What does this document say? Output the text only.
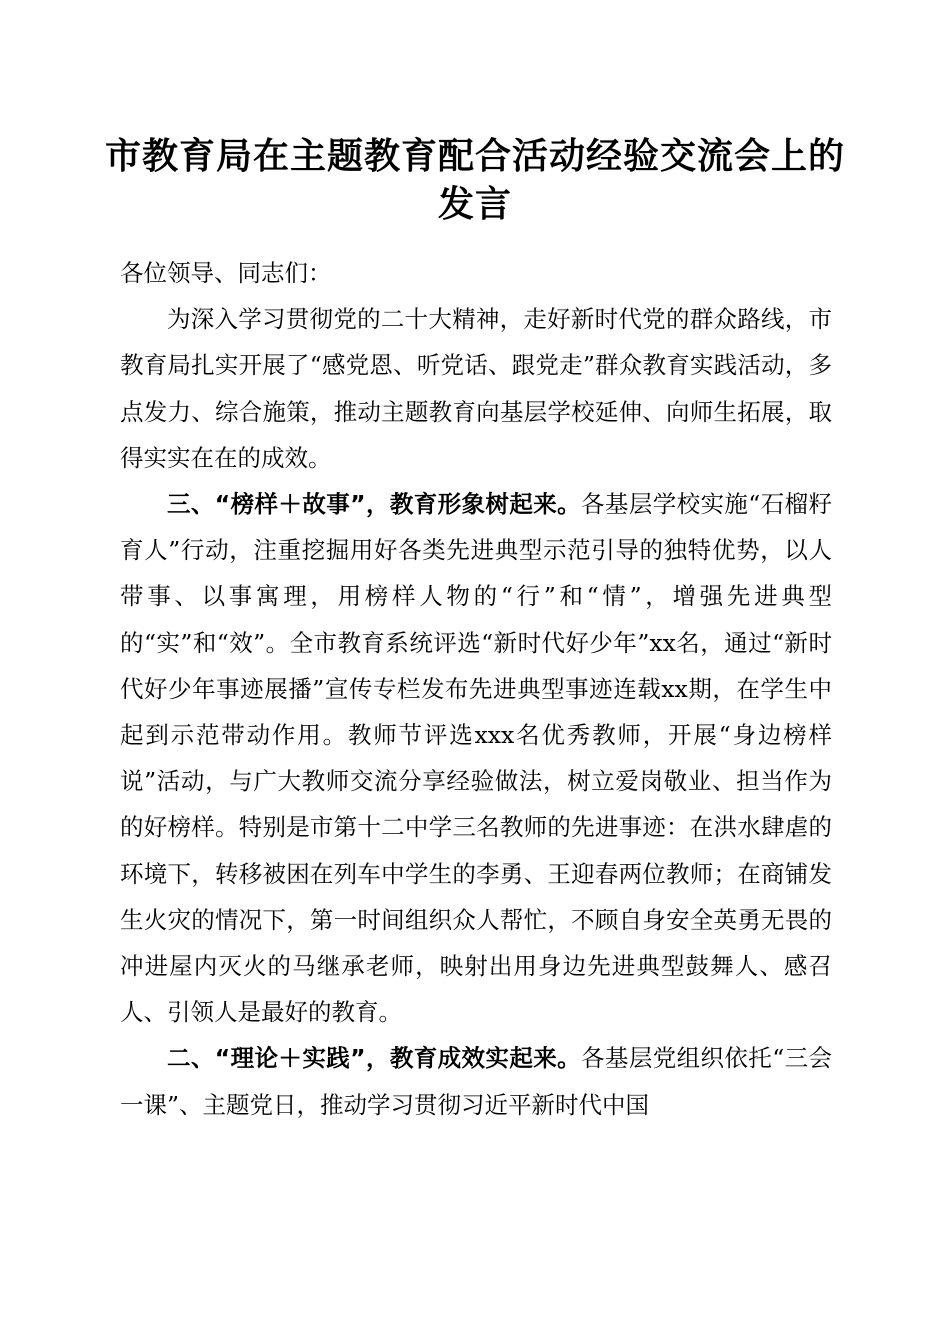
市教育局在主题教育配合活动经验交流会上的发言

各位领导、同志们：

为深入学习贯彻党的二十大精神，走好新时代党的群众路线，市教育局扎实开展了“感党恩、听党话、跟党走”群众教育实践活动，多点发力、综合施策，推动主题教育向基层学校延伸、向师生拓展，取得实实在在的成效。

三、“榜样＋故事”，教育形象树起来。各基层学校实施“石榴籽育人”行动，注重挖掘用好各类先进典型示范引导的独特优势，以人带事、以事寓理，用榜样人物的“行”和“情”，增强先进典型的“实”和“效”。全市教育系统评选“新时代好少年”xx名，通过“新时代好少年事迹展播”宣传专栏发布先进典型事迹连载xx期，在学生中起到示范带动作用。教师节评选xxx名优秀教师，开展“身边榜样说”活动，与广大教师交流分享经验做法，树立爱岗敬业、担当作为的好榜样。特别是市第十二中学三名教师的先进事迹：在洪水肆虐的环境下，转移被困在列车中学生的李勇、王迎春两位教师；在商铺发生火灾的情况下，第一时间组织众人帮忙，不顾自身安全英勇无畏的冲进屋内灭火的马继承老师，映射出用身边先进典型鼓舞人、感召人、引领人是最好的教育。

二、“理论＋实践”，教育成效实起来。各基层党组织依托“三会一课”、主题党日，推动学习贯彻习近平新时代中国
